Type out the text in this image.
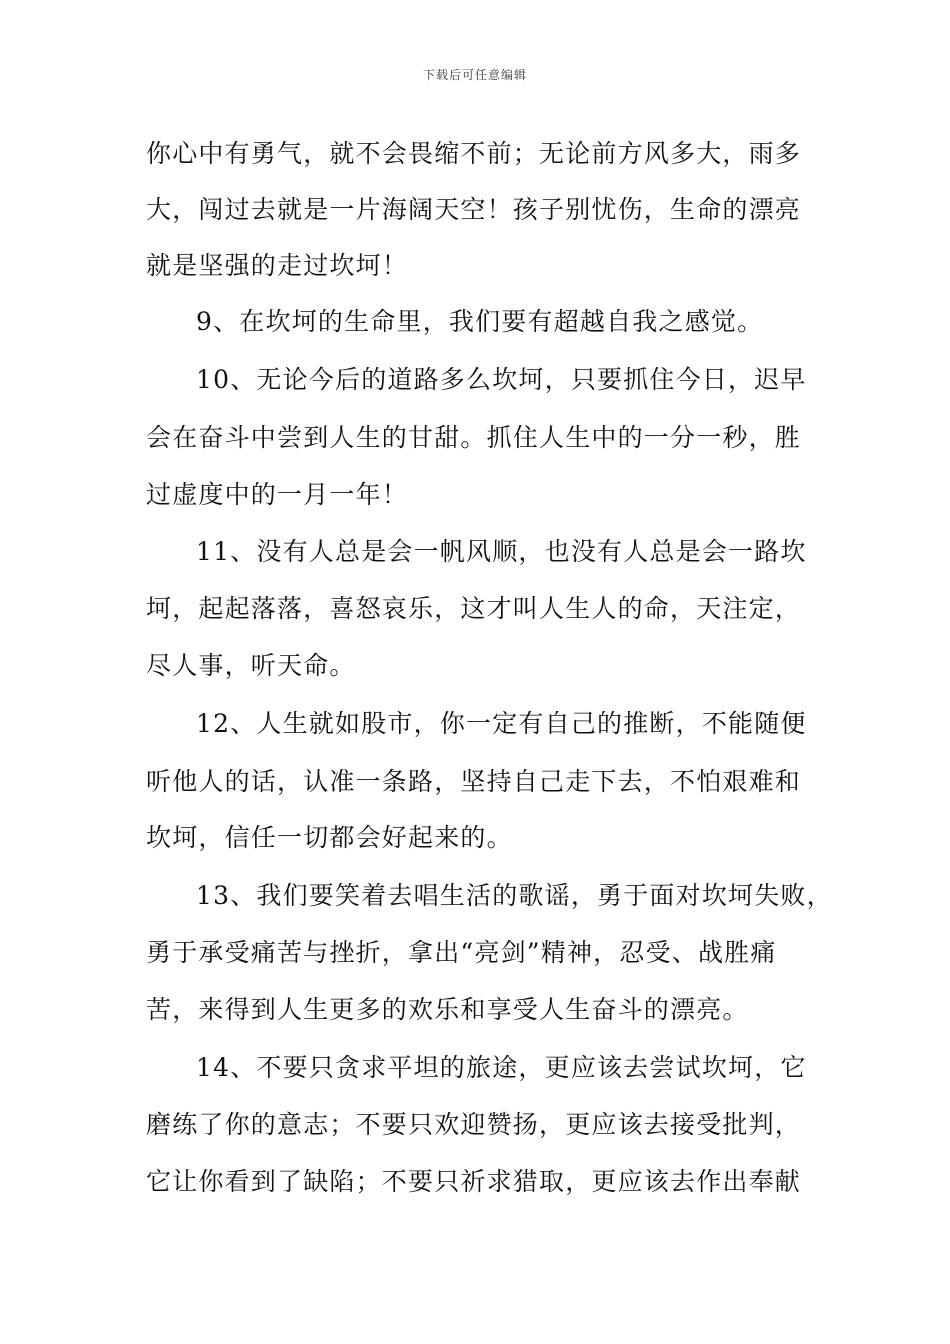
下载后可任意编辑
你心中有勇气，就不会畏缩不前；无论前方风多大，雨多
大，闯过去就是一片海阔天空！孩子别忧伤，生命的漂亮
就是坚强的走过坎坷！
9、在坎坷的生命里，我们要有超越自我之感觉。
10、无论今后的道路多么坎坷，只要抓住今日，迟早
会在奋斗中尝到人生的甘甜。抓住人生中的一分一秒，胜
过虚度中的一月一年！
11、没有人总是会一帆风顺，也没有人总是会一路坎
坷，起起落落，喜怒哀乐，这才叫人生人的命，天注定，
尽人事，听天命。
12、人生就如股市，你一定有自己的推断，不能随便
听他人的话，认准一条路，坚持自己走下去，不怕艰难和
坎坷，信任一切都会好起来的。
13、我们要笑着去唱生活的歌谣，勇于面对坎坷失败，
勇于承受痛苦与挫折，拿出“亮剑”精神，忍受、战胜痛
苦，来得到人生更多的欢乐和享受人生奋斗的漂亮。
14、不要只贪求平坦的旅途，更应该去尝试坎坷，它
磨练了你的意志；不要只欢迎赞扬，更应该去接受批判，
它让你看到了缺陷；不要只祈求猎取，更应该去作出奉献
